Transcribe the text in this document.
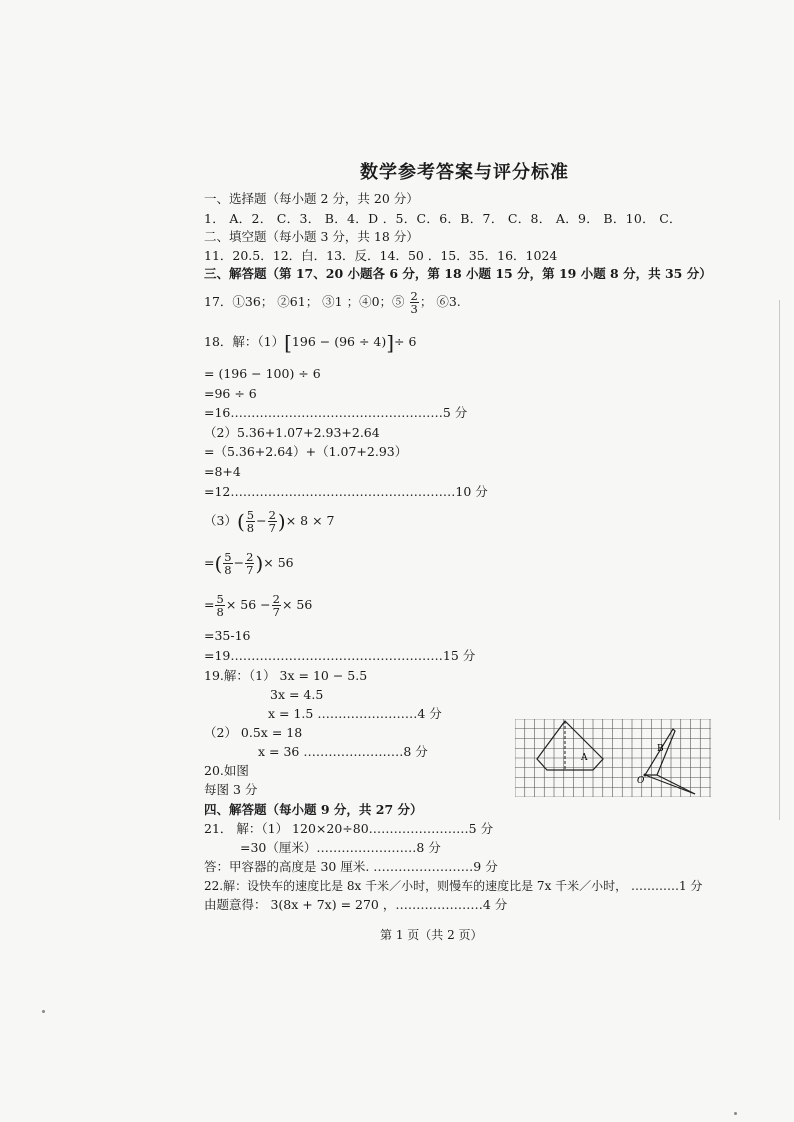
数学参考答案与评分标准
一、选择题（每小题 2 分，共 20 分）
1． A．2． C．3． B．4．D ．5．C．6．B．7． C．8． A．9． B．10． C．
二、填空题（每小题 3 分，共 18 分）
11．20.5．12．白．13．反．14．50 ．15．35．16．1024
三、解答题（第 17、20 小题各 6 分，第 18 小题 15 分，第 19 小题 8 分，共 35 分）
17．①36； ②61； ③1 ；④0；⑤ $\frac{2}{3}$ ； ⑥3.
18．解：（1）[196 − (96 ÷ 4)]÷ 6
= (196 − 100) ÷ 6
=96 ÷ 6
=16……………………………………………5 分
（2）5.36+1.07+2.93+2.64
=（5.36+2.64）+（1.07+2.93）
=8+4
=12………………………………………………10 分
$(3)( \frac{5}{8} - \frac{2}{7}$ )× 8 × 7
=( $\frac{5}{8} - \frac{2}{7}$ )× 56
= $\frac{5}{8} \times 56 - \frac{2}{7} \times 56$
=35-16
=19……………………………………………15 分
19.解：（1） 3x = 10 − 5.5
3x = 4.5
x = 1.5 ……………………4 分
（2） 0.5x = 18
x = 36 ……………………8 分
20.如图
每图 3 分
A
B
O
四、解答题（每小题 9 分，共 27 分）
21． 解：（1） 120×20÷80……………………5 分
=30（厘米）……………………8 分
答：甲容器的高度是 30 厘米. ……………………9 分
22.解：设快车的速度比是 8x 千米／小时，则慢车的速度比是 7x 千米／小时， …………1 分
由题意得： 3(8x + 7x) = 270 ，…………………4 分
第 1 页（共 2 页）
